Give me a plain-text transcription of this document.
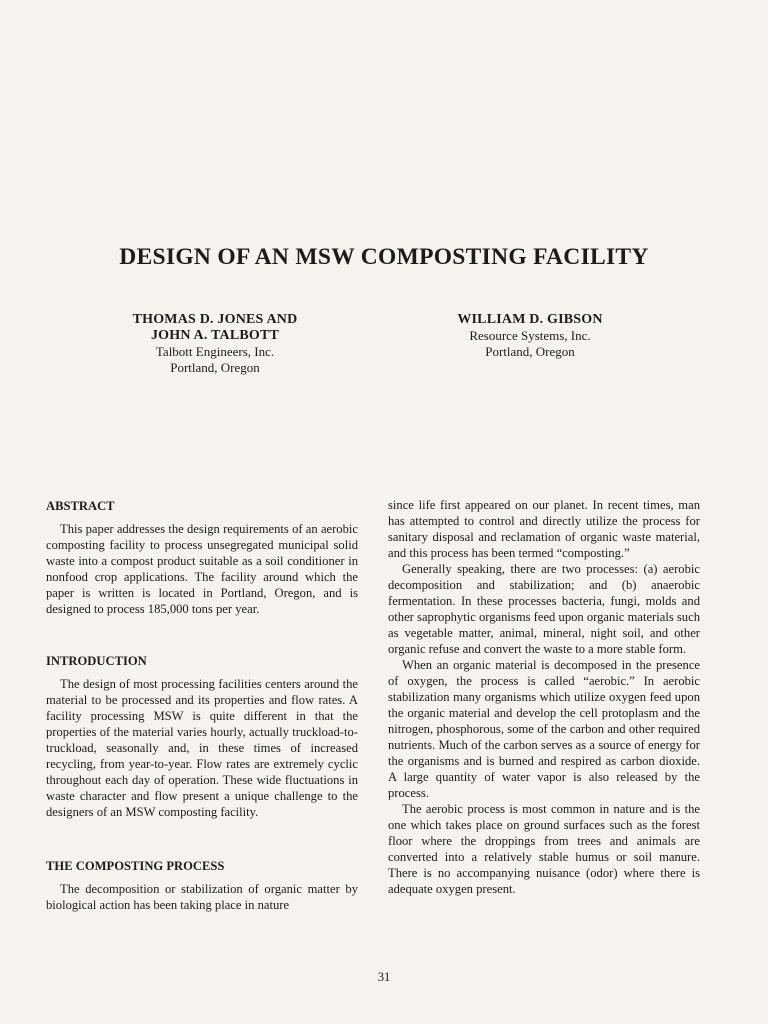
DESIGN OF AN MSW COMPOSTING FACILITY
THOMAS D. JONES AND
JOHN A. TALBOTT
Talbott Engineers, Inc.
Portland, Oregon
WILLIAM D. GIBSON
Resource Systems, Inc.
Portland, Oregon
ABSTRACT

This paper addresses the design requirements of an aerobic composting facility to process unsegregated municipal solid waste into a compost product suitable as a soil conditioner in nonfood crop applications. The facility around which the paper is written is located in Portland, Oregon, and is designed to process 185,000 tons per year.

INTRODUCTION

The design of most processing facilities centers around the material to be processed and its properties and flow rates. A facility processing MSW is quite different in that the properties of the material varies hourly, actually truckload-to-truckload, seasonally and, in these times of increased recycling, from year-to-year. Flow rates are extremely cyclic throughout each day of operation. These wide fluctuations in waste character and flow present a unique challenge to the designers of an MSW composting facility.

THE COMPOSTING PROCESS

The decomposition or stabilization of organic matter by biological action has been taking place in nature

since life first appeared on our planet. In recent times, man has attempted to control and directly utilize the process for sanitary disposal and reclamation of organic waste material, and this process has been termed “composting.”

Generally speaking, there are two processes: (a) aerobic decomposition and stabilization; and (b) anaerobic fermentation. In these processes bacteria, fungi, molds and other saprophytic organisms feed upon organic materials such as vegetable matter, animal, mineral, night soil, and other organic refuse and convert the waste to a more stable form.

When an organic material is decomposed in the presence of oxygen, the process is called “aerobic.” In aerobic stabilization many organisms which utilize oxygen feed upon the organic material and develop the cell protoplasm and the nitrogen, phosphorous, some of the carbon and other required nutrients. Much of the carbon serves as a source of energy for the organisms and is burned and respired as carbon dioxide. A large quantity of water vapor is also released by the process.

The aerobic process is most common in nature and is the one which takes place on ground surfaces such as the forest floor where the droppings from trees and animals are converted into a relatively stable humus or soil manure. There is no accompanying nuisance (odor) where there is adequate oxygen present.

31
